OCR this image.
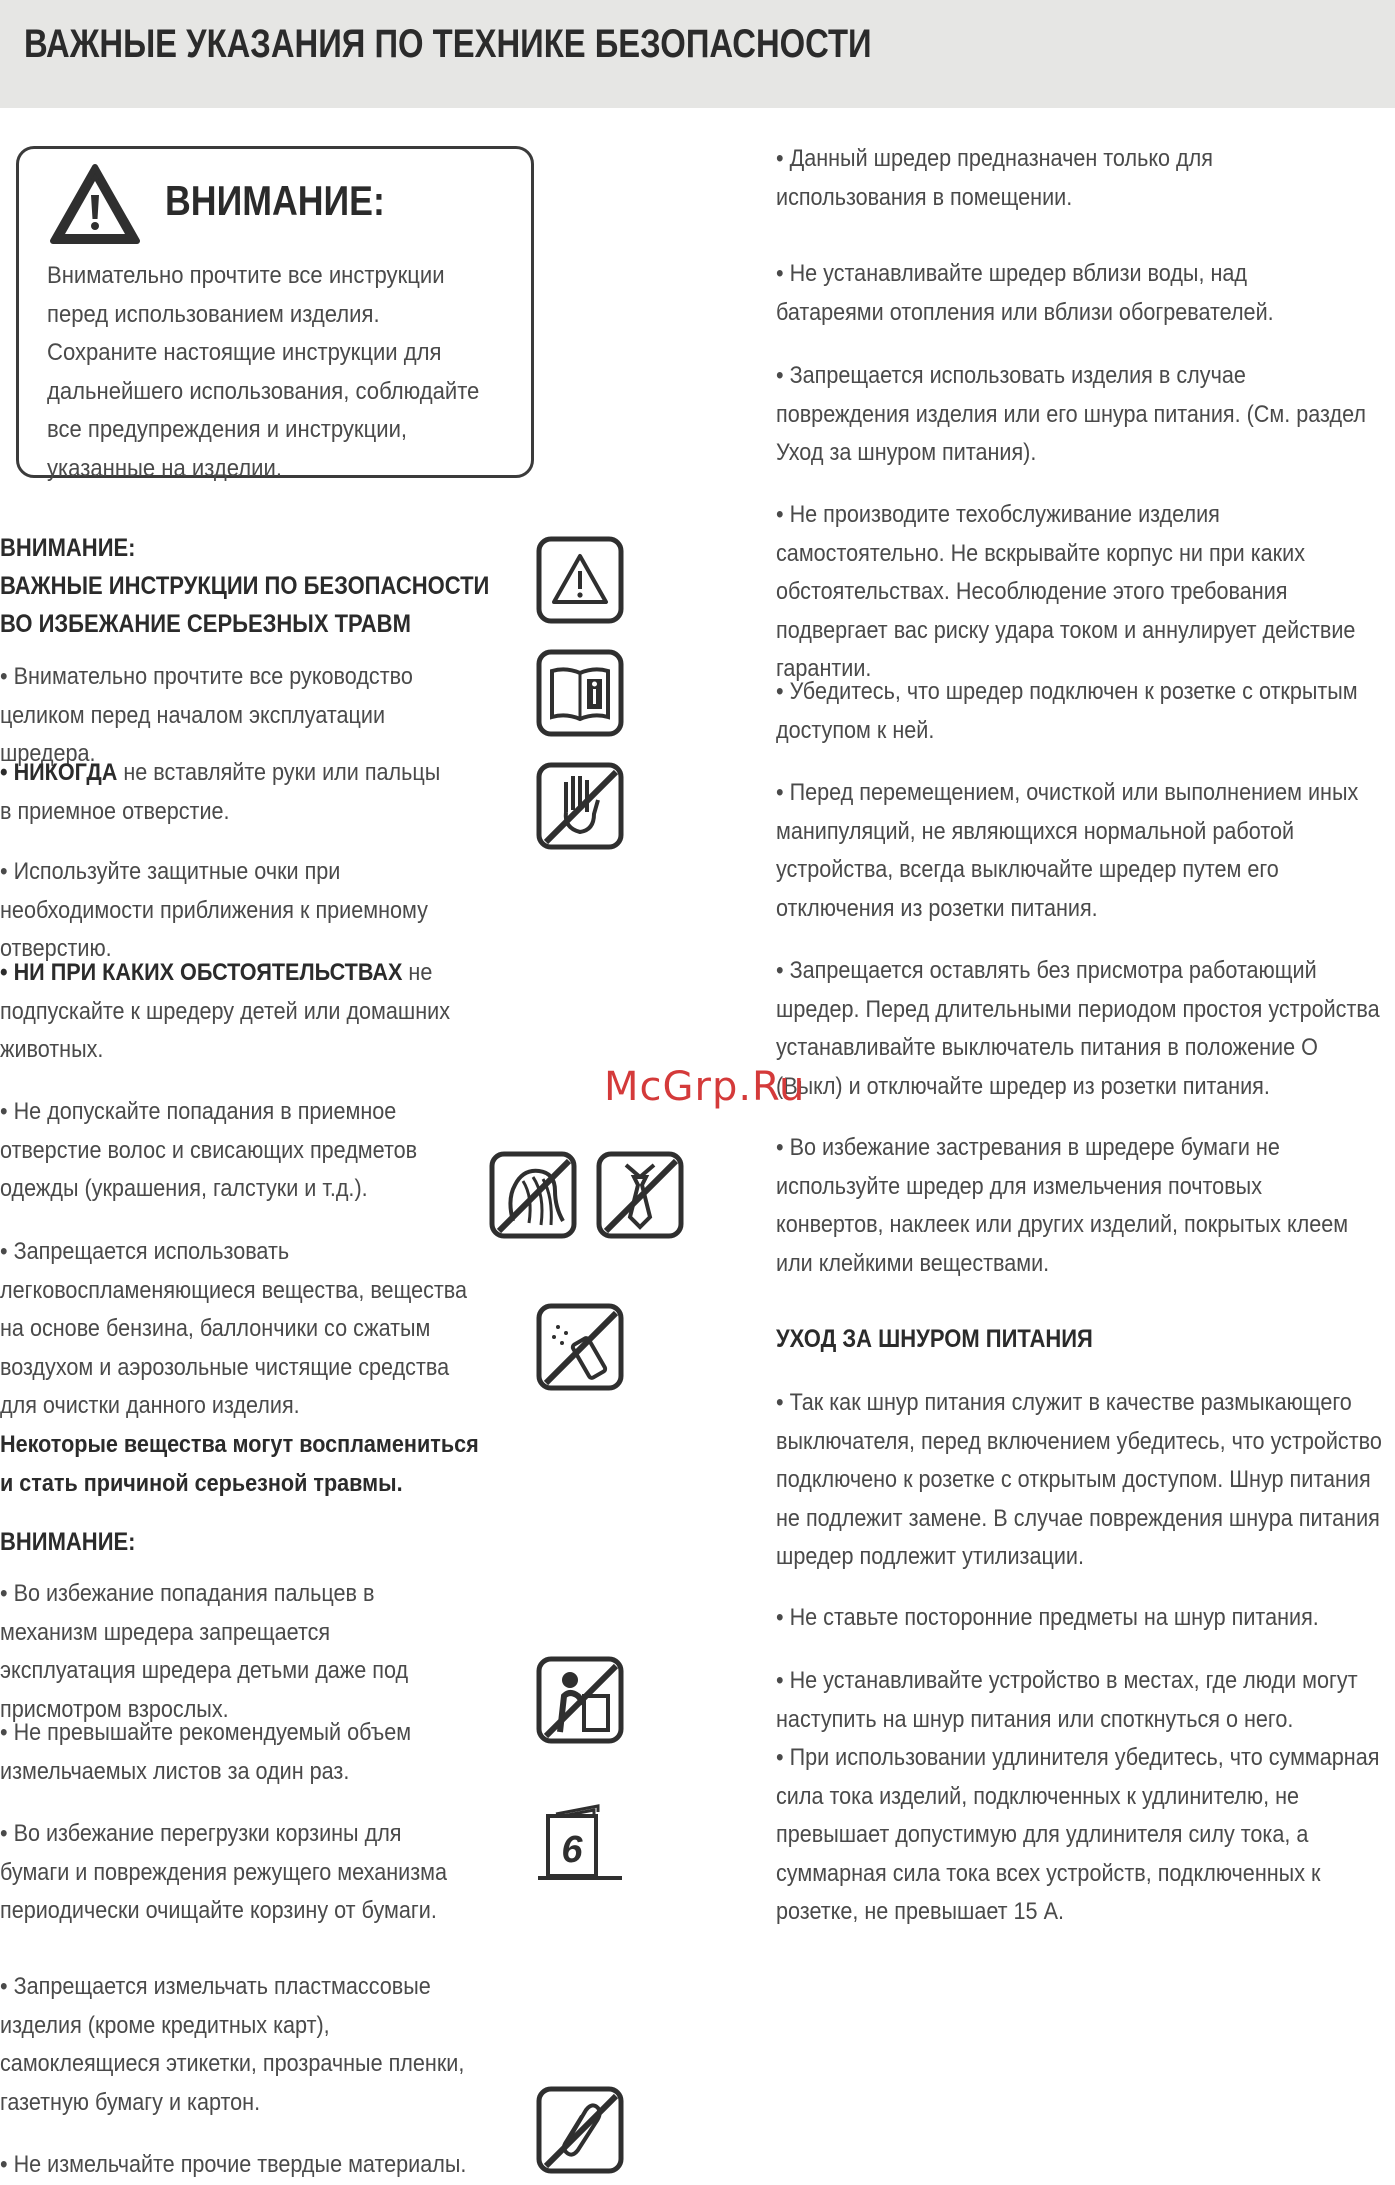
ВАЖНЫЕ УКАЗАНИЯ ПО ТЕХНИКЕ БЕЗОПАСНОСТИ
ВНИМАНИЕ:
Внимательно прочтите все инструкции перед использованием изделия. Сохраните настоящие инструкции для дальнейшего использования, соблюдайте все предупреждения и инструкции, указанные на изделии.
ВНИМАНИЕ:
ВАЖНЫЕ ИНСТРУКЦИИ ПО БЕЗОПАСНОСТИ
ВО ИЗБЕЖАНИЕ СЕРЬЕЗНЫХ ТРАВМ
• Внимательно прочтите все руководство целиком перед началом эксплуатации шредера.
• НИКОГДА не вставляйте руки или пальцы в приемное отверстие.
• Используйте защитные очки при необходимости приближения к приемному отверстию.
• НИ ПРИ КАКИХ ОБСТОЯТЕЛЬСТВАХ не подпускайте к шредеру детей или домашних животных.
• Не допускайте попадания в приемное отверстие волос и свисающих предметов одежды (украшения, галстуки и т.д.).
• Запрещается использовать легковоспламеняющиеся вещества, вещества на основе бензина, баллончики со сжатым воздухом и аэрозольные чистящие средства для очистки данного изделия.
Некоторые вещества могут воспламениться и стать причиной серьезной травмы.
ВНИМАНИЕ:
• Во избежание попадания пальцев в механизм шредера запрещается эксплуатация шредера детьми даже под присмотром взрослых.
• Не превышайте рекомендуемый объем измельчаемых листов за один раз.
• Во избежание перегрузки корзины для бумаги и повреждения режущего механизма периодически очищайте корзину от бумаги.
• Запрещается измельчать пластмассовые изделия (кроме кредитных карт), самоклеящиеся этикетки, прозрачные пленки, газетную бумагу и картон.
• Не измельчайте прочие твердые материалы.
6
• Данный шредер предназначен только для использования в помещении.
• Не устанавливайте шредер вблизи воды, над батареями отопления или вблизи обогревателей.
• Запрещается использовать изделия в случае повреждения изделия или его шнура питания. (См. раздел Уход за шнуром питания).
• Не производите техобслуживание изделия самостоятельно. Не вскрывайте корпус ни при каких обстоятельствах. Несоблюдение этого требования подвергает вас риску удара током и аннулирует действие гарантии.
• Убедитесь, что шредер подключен к розетке с открытым доступом к ней.
• Перед перемещением, очисткой или выполнением иных манипуляций, не являющихся нормальной работой устройства, всегда выключайте шредер путем его отключения из розетки питания.
• Запрещается оставлять без присмотра работающий шредер. Перед длительными периодом простоя устройства устанавливайте выключатель питания в положение O (Выкл) и отключайте шредер из розетки питания.
• Во избежание застревания в шредере бумаги не используйте шредер для измельчения почтовых конвертов, наклеек или других изделий, покрытых клеем или клейкими веществами.
УХОД ЗА ШНУРОМ ПИТАНИЯ
• Так как шнур питания служит в качестве размыкающего выключателя, перед включением убедитесь, что устройство подключено к розетке с открытым доступом. Шнур питания не подлежит замене. В случае повреждения шнура питания шредер подлежит утилизации.
• Не ставьте посторонние предметы на шнур питания.
• Не устанавливайте устройство в местах, где люди могут наступить на шнур питания или споткнуться о него.
• При использовании удлинителя убедитесь, что суммарная сила тока изделий, подключенных к удлинителю, не превышает допустимую для удлинителя силу тока, а суммарная сила тока всех устройств, подключенных к розетке, не превышает 15 А.
McGrp.Ru
